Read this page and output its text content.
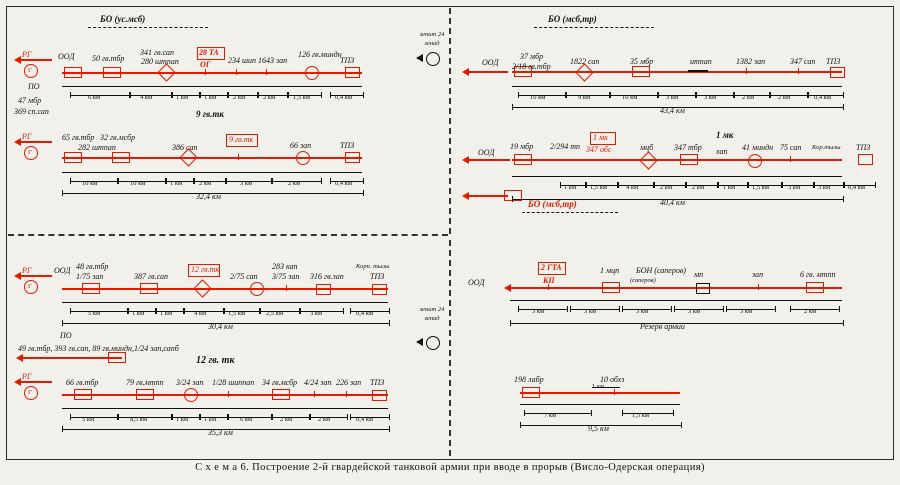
БО (ус.мсб)
РГ
Г
ПО
47 мбр
369 сп.сап
ООД 50 гв.тбр
341 гв.сап
280 штпап
28 ТА
ОГ 234 шип 1643 зап
126 гв.миндн
ТПЗ
6 км	4 км	1 км 1 км	2 км	2 км	1,5 км	0,4 км
9 гв.тк
РГ
Г
65 гв.тбр 32 гв.мсбр
282 штпап	386 сап
9 гв.тк
66 зап	ТПЗ
10 км	10 км	1 км	2 км	3 км	2 км	0,4 км
32,4 км
зенит 24 зенад
зенит 24 зенад
БО (мсб,тр)
ООД
37 мбр
2/18 гв.тбр
1822 сап	35 мбр	итпап	1382 зап	347 сап ТПЗ
10 км	9 км	10 км	3 км	3 км	2 км	2 км	0,4 км
43,4 км
ООД
19 мбр 2/294 тп
1 мк
347 обс	мцб	347 тбр хап 41 миндн 75 сап Кор.тылы ТПЗ
1 мк
1 км 1,5 км	4 км	2 км	2 км	1 км	1,5 км	3 км	3 км	0,4 км
БО (мсб,тр)	40,4 км
РГ
Г
ООД 48 гв.тбр
1/75 зап	387 гв.сап
12 гв.тк	283 кап
2/75 сап 3/75 зап 316 гв.зап
Корп. тылы
ТПЗ
5 км	1 км 1 км	4 км	1,5 км	2,5 км	3 км	0,4 км
30,4 км
ПО
49 гв.тбр, 393 гв.сап, 89 гв.миндн,1/24 зап,сапб
12 гв. тк
РГ
Г
66 гв.тбр	79 гв.мтпп 3/24 зап 1/28 шиппап 34 гв.мсбр 4/24 зап 226 зап ТПЗ
5 км	8,5 км	1 км 1 км	6 км	2 км	2 км	0,4 км
35,3 км
ООД
2 ГТА
КП
1 мцп БОН (саперов)
(саперов)
мп	зап	6 гв. мтпп
3 км	3 км	3 км	3 км	3 км	2 км
Резерв армии
198 лабр	10 обхз
7 км
1 км
1,5 км
9,5 км
С х е м а 6. Построение 2-й гвардейской танковой армии при вводе в прорыв (Висло-Одерская операция)
